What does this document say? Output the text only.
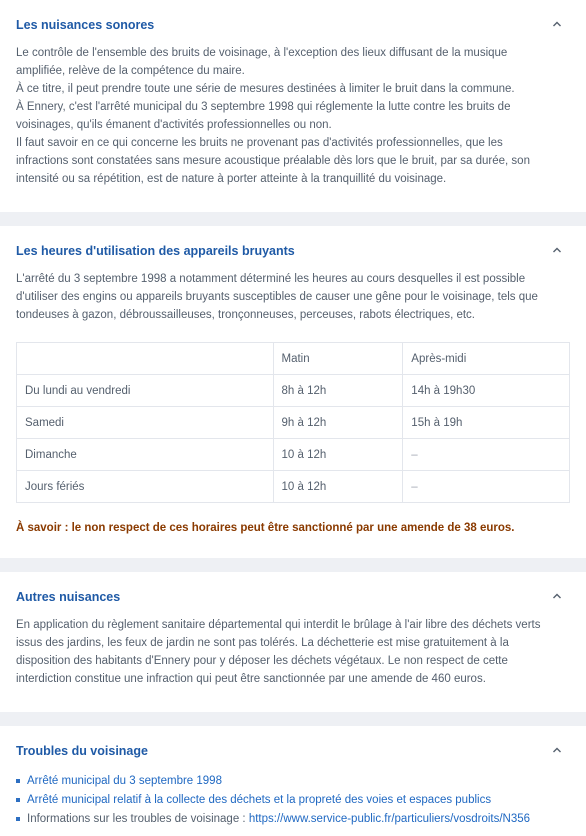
Les nuisances sonores

Le contrôle de l'ensemble des bruits de voisinage, à l'exception des lieux diffusant de la musique

amplifiée, relève de la compétence du maire.

À ce titre, il peut prendre toute une série de mesures destinées à limiter le bruit dans la commune.

À Ennery, c'est l'arrêté municipal du 3 septembre 1998 qui réglemente la lutte contre les bruits de

voisinages, qu'ils émanent d'activités professionnelles ou non.

Il faut savoir en ce qui concerne les bruits ne provenant pas d'activités professionnelles, que les

infractions sont constatées sans mesure acoustique préalable dès lors que le bruit, par sa durée, son

intensité ou sa répétition, est de nature à porter atteinte à la tranquillité du voisinage.

Les heures d'utilisation des appareils bruyants

L'arrêté du 3 septembre 1998 a notamment déterminé les heures au cours desquelles il est possible

d'utiliser des engins ou appareils bruyants susceptibles de causer une gêne pour le voisinage, tels que

tondeuses à gazon, débroussailleuses, tronçonneuses, perceuses, rabots électriques, etc.

	Matin	Après-midi
Du lundi au vendredi	8h à 12h	14h à 19h30
Samedi	9h à 12h	15h à 19h
Dimanche	10 à 12h	–
Jours fériés	10 à 12h	–
À savoir : le non respect de ces horaires peut être sanctionné par une amende de 38 euros.
Autres nuisances

En application du règlement sanitaire départemental qui interdit le brûlage à l'air libre des déchets verts

issus des jardins, les feux de jardin ne sont pas tolérés. La déchetterie est mise gratuitement à la

disposition des habitants d'Ennery pour y déposer les déchets végétaux. Le non respect de cette

interdiction constitue une infraction qui peut être sanctionnée par une amende de 460 euros.

Troubles du voisinage
Arrêté municipal du 3 septembre 1998
Arrêté municipal relatif à la collecte des déchets et la propreté des voies et espaces publics
Informations sur les troubles de voisinage : https://www.service-public.fr/particuliers/vosdroits/N356
